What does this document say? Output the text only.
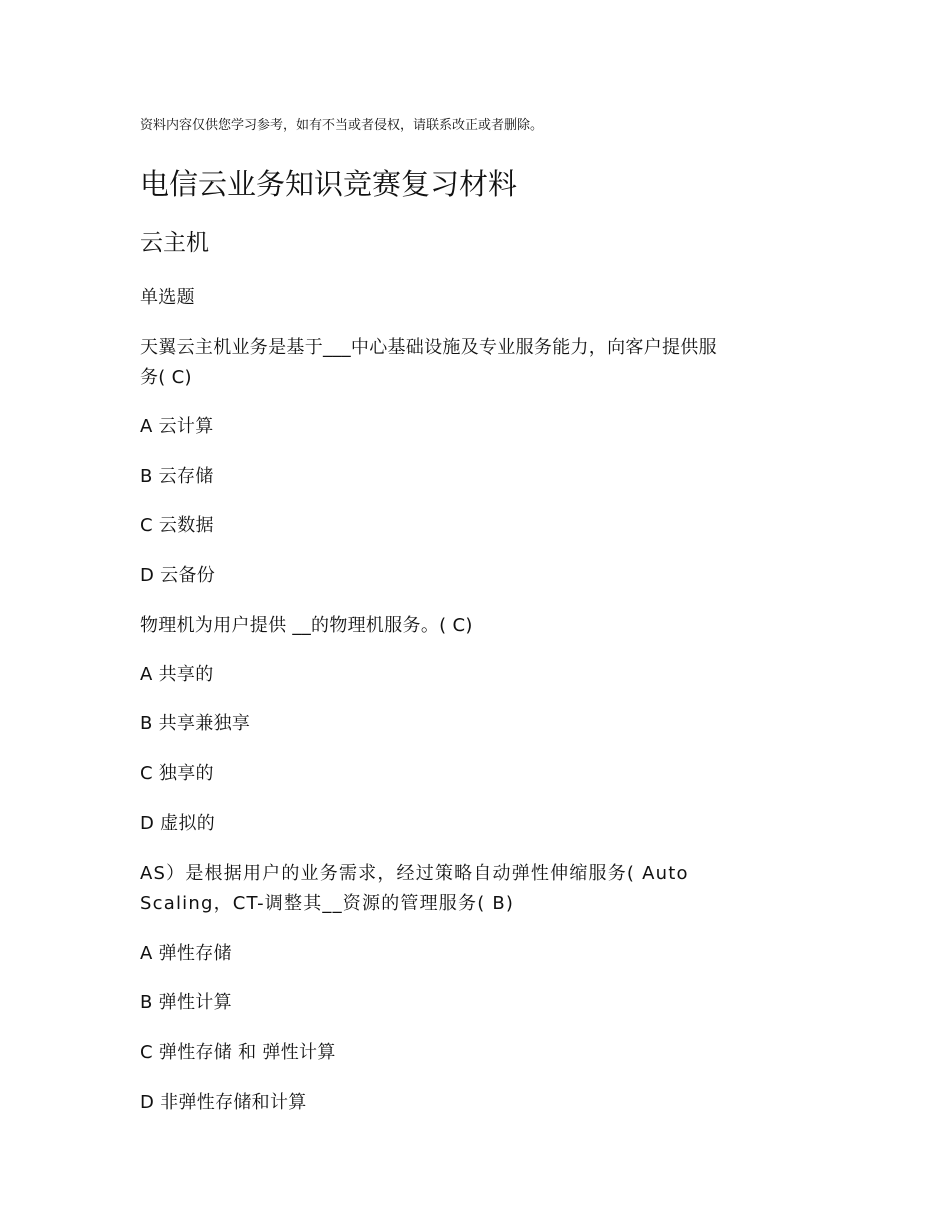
资料内容仅供您学习参考，如有不当或者侵权，请联系改正或者删除。
电信云业务知识竞赛复习材料
云主机
单选题
天翼云主机业务是基于___中心基础设施及专业服务能力，向客户提供服
务( C)
A 云计算
B 云存储
C 云数据
D 云备份
物理机为用户提供 __的物理机服务。( C)
A 共享的
B 共享兼独享
C 独享的
D 虚拟的
AS）是根据用户的业务需求，经过策略自动弹性伸缩服务( Auto
Scaling，CT-调整其__资源的管理服务( B)
A 弹性存储
B 弹性计算
C 弹性存储 和 弹性计算
D 非弹性存储和计算
